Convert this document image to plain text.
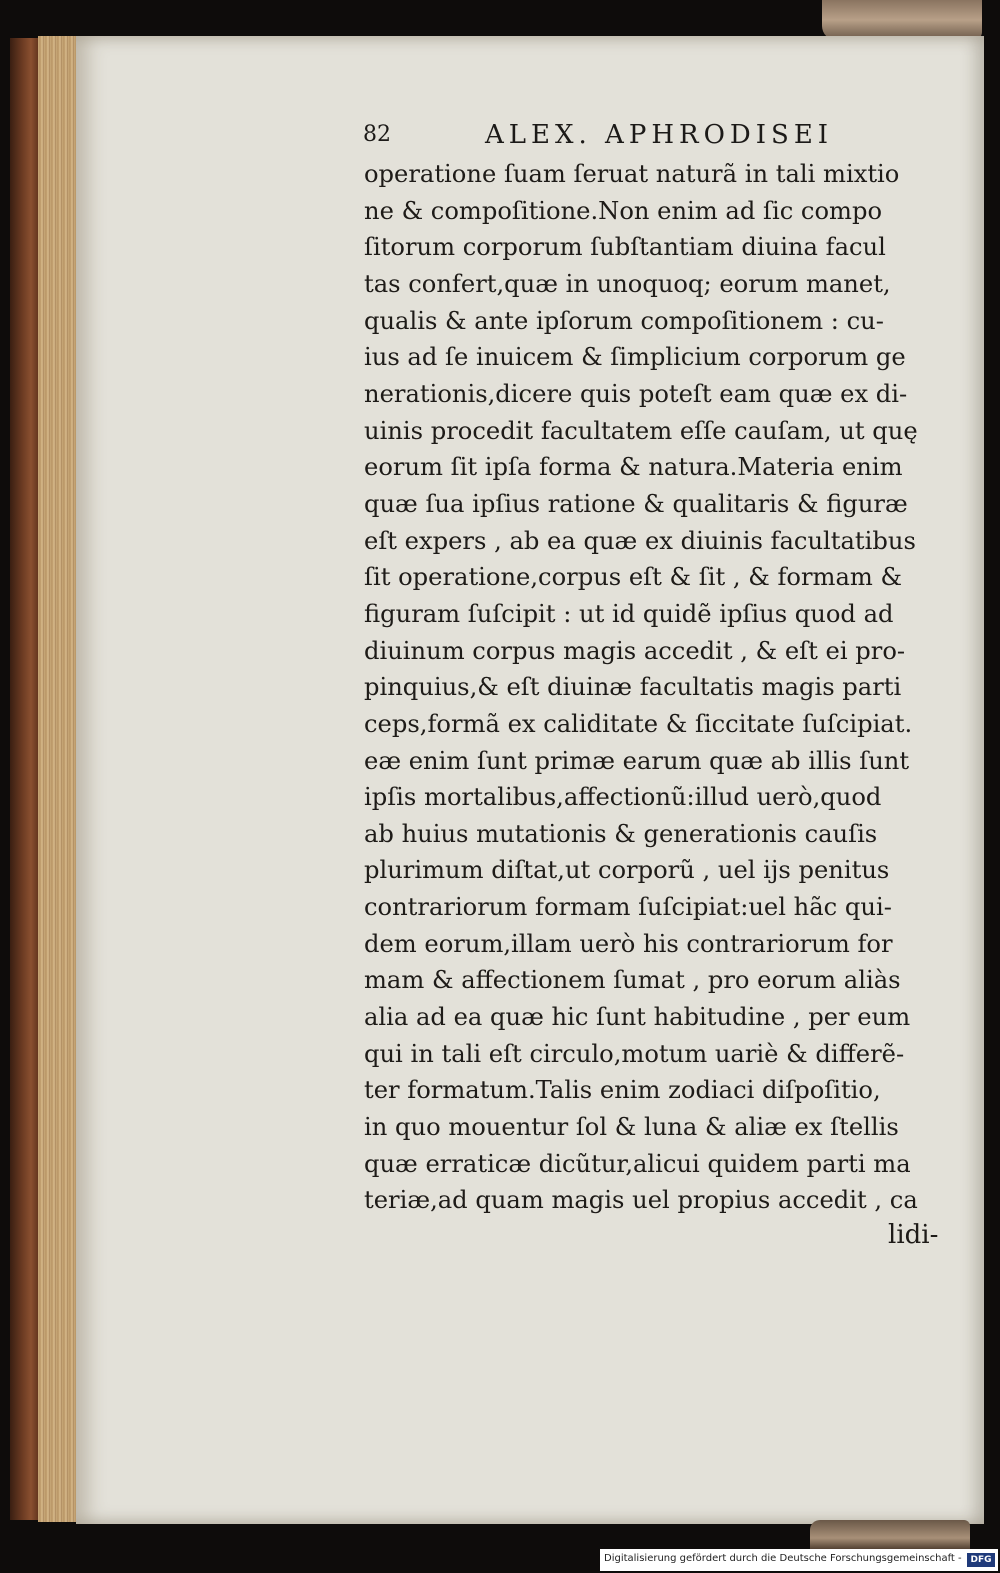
82	ALEX. APHRODISEI
operatione ſuam ſeruat naturã in tali mixtio
ne & compoſitione.Non enim ad ſic compo
ſitorum corporum ſubſtantiam diuina facul
tas confert,quæ in unoquoq; eorum manet,
qualis & ante ipſorum compoſitionem : cu-
ius ad ſe inuicem & ſimplicium corporum ge
nerationis,dicere quis poteſt eam quæ ex di-
uinis procedit facultatem eſſe cauſam, ut quę
eorum ſit ipſa forma & natura.Materia enim
quæ ſua ipſius ratione & qualitaris & figuræ
eſt expers , ab ea quæ ex diuinis facultatibus
ſit operatione,corpus eſt & ſit , & formam &
figuram ſuſcipit : ut id quidẽ ipſius quod ad
diuinum corpus magis accedit , & eſt ei pro-
pinquius,& eſt diuinæ facultatis magis parti
ceps,formã ex caliditate & ſiccitate ſuſcipiat.
eæ enim ſunt primæ earum quæ ab illis ſunt
ipſis mortalibus,affectionũ:illud uerò,quod
ab huius mutationis & generationis cauſis
plurimum diſtat,ut corporũ , uel ijs penitus
contrariorum formam ſuſcipiat:uel hãc qui-
dem eorum,illam uerò his contrariorum for
mam & affectionem ſumat , pro eorum aliàs
alia ad ea quæ hic ſunt habitudine , per eum
qui in tali eſt circulo,motum uariè & differẽ-
ter formatum.Talis enim zodiaci diſpoſitio,
in quo mouentur ſol & luna & aliæ ex ſtellis
quæ erraticæ dicũtur,alicui quidem parti ma
teriæ,ad quam magis uel propius accedit , ca
lidi-
Digitalisierung gefördert durch die Deutsche Forschungsgemeinschaft - DFG
